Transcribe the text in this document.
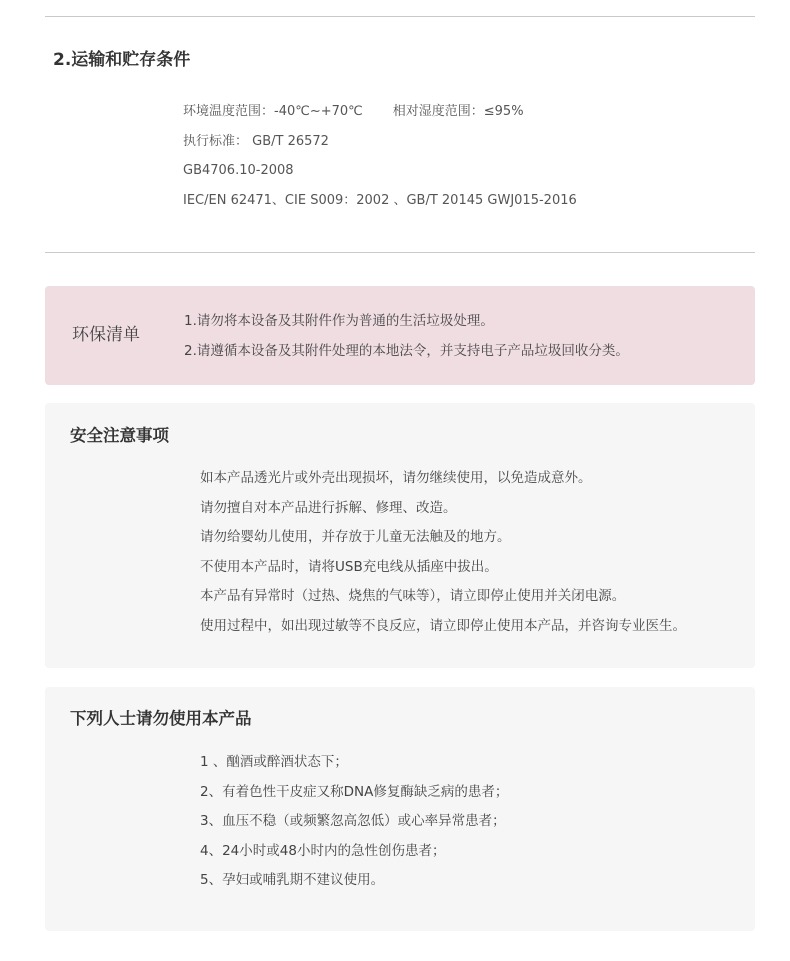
2.运输和贮存条件
环境温度范围：-40℃~+70℃ 相对湿度范围：≤95%
执行标准： GB/T 26572
GB4706.10-2008
IEC/EN 62471、CIE S009：2002 、GB/T 20145 GWJ015-2016
环保清单
1.请勿将本设备及其附件作为普通的生活垃圾处理。
2.请遵循本设备及其附件处理的本地法令，并支持电子产品垃圾回收分类。
安全注意事项
如本产品透光片或外壳出现损坏，请勿继续使用，以免造成意外。
请勿擅自对本产品进行拆解、修理、改造。
请勿给婴幼儿使用，并存放于儿童无法触及的地方。
不使用本产品时，请将USB充电线从插座中拔出。
本产品有异常时（过热、烧焦的气味等），请立即停止使用并关闭电源。
使用过程中，如出现过敏等不良反应，请立即停止使用本产品，并咨询专业医生。
下列人士请勿使用本产品
1 、酗酒或醉酒状态下；
2、有着色性干皮症又称DNA修复酶缺乏病的患者；
3、血压不稳（或频繁忽高忽低）或心率异常患者；
4、24小时或48小时内的急性创伤患者；
5、孕妇或哺乳期不建议使用。
